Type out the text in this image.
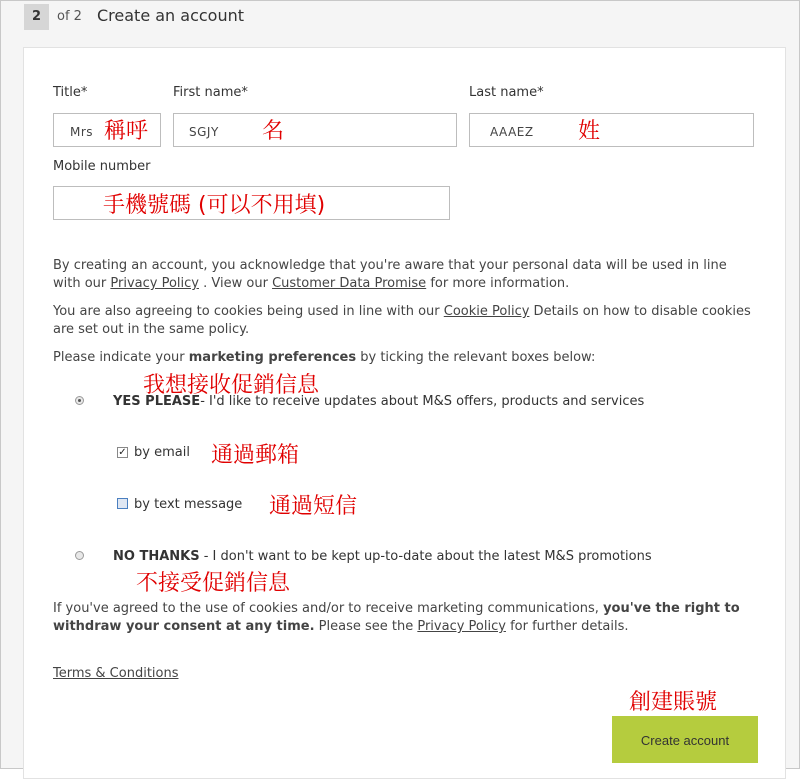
2	of 2 Create an account
Title*	First name*	Last name*
Mrs 稱呼	SGJY 名	AAAEZ 姓
Mobile number
手機號碼 (可以不用填)
By creating an account, you acknowledge that you're aware that your personal data will be used in line with our Privacy Policy . View our Customer Data Promise for more information.
You are also agreeing to cookies being used in line with our Cookie Policy Details on how to disable cookies are set out in the same policy.
Please indicate your marketing preferences by ticking the relevant boxes below:
我想接收促銷信息
YES PLEASE- I'd like to receive updates about M&S offers, products and services
✓ by email 通過郵箱
by text message 通過短信
NO THANKS - I don't want to be kept up-to-date about the latest M&S promotions
不接受促銷信息
If you've agreed to the use of cookies and/or to receive marketing communications, you've the right to withdraw your consent at any time. Please see the Privacy Policy for further details.
Terms & Conditions
創建賬號
Create account
